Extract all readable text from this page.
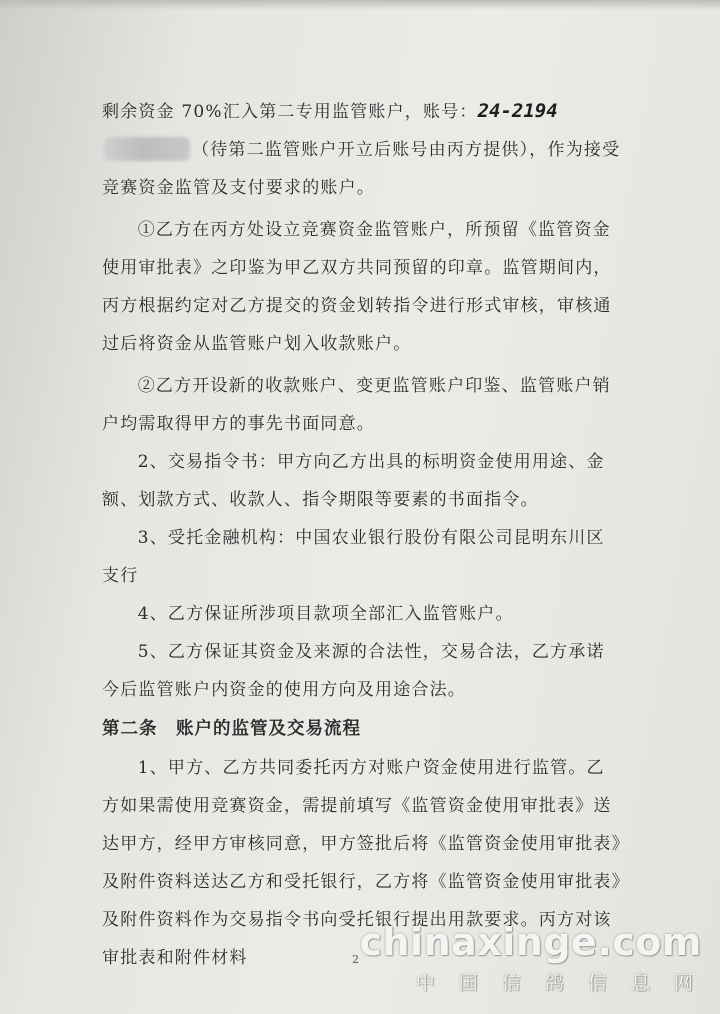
剩余资金 70%汇入第二专用监管账户，账号：24-2194（待第二监管账户开立后账号由丙方提供），作为接受竞赛资金监管及支付要求的账户。

①乙方在丙方处设立竞赛资金监管账户，所预留《监管资金使用审批表》之印鉴为甲乙双方共同预留的印章。监管期间内，丙方根据约定对乙方提交的资金划转指令进行形式审核，审核通过后将资金从监管账户划入收款账户。

②乙方开设新的收款账户、变更监管账户印鉴、监管账户销户均需取得甲方的事先书面同意。

2、交易指令书：甲方向乙方出具的标明资金使用用途、金额、划款方式、收款人、指令期限等要素的书面指令。

3、受托金融机构：中国农业银行股份有限公司昆明东川区支行

4、乙方保证所涉项目款项全部汇入监管账户。

5、乙方保证其资金及来源的合法性，交易合法，乙方承诺今后监管账户内资金的使用方向及用途合法。

第二条　账户的监管及交易流程

1、甲方、乙方共同委托丙方对账户资金使用进行监管。乙方如果需使用竞赛资金，需提前填写《监管资金使用审批表》送达甲方，经甲方审核同意，甲方签批后将《监管资金使用审批表》及附件资料送达乙方和受托银行，乙方将《监管资金使用审批表》及附件资料作为交易指令书向受托银行提出用款要求。丙方对该审批表和附件材料	2 chinaxinge.com
中 国 信 鸽 信 息 网
